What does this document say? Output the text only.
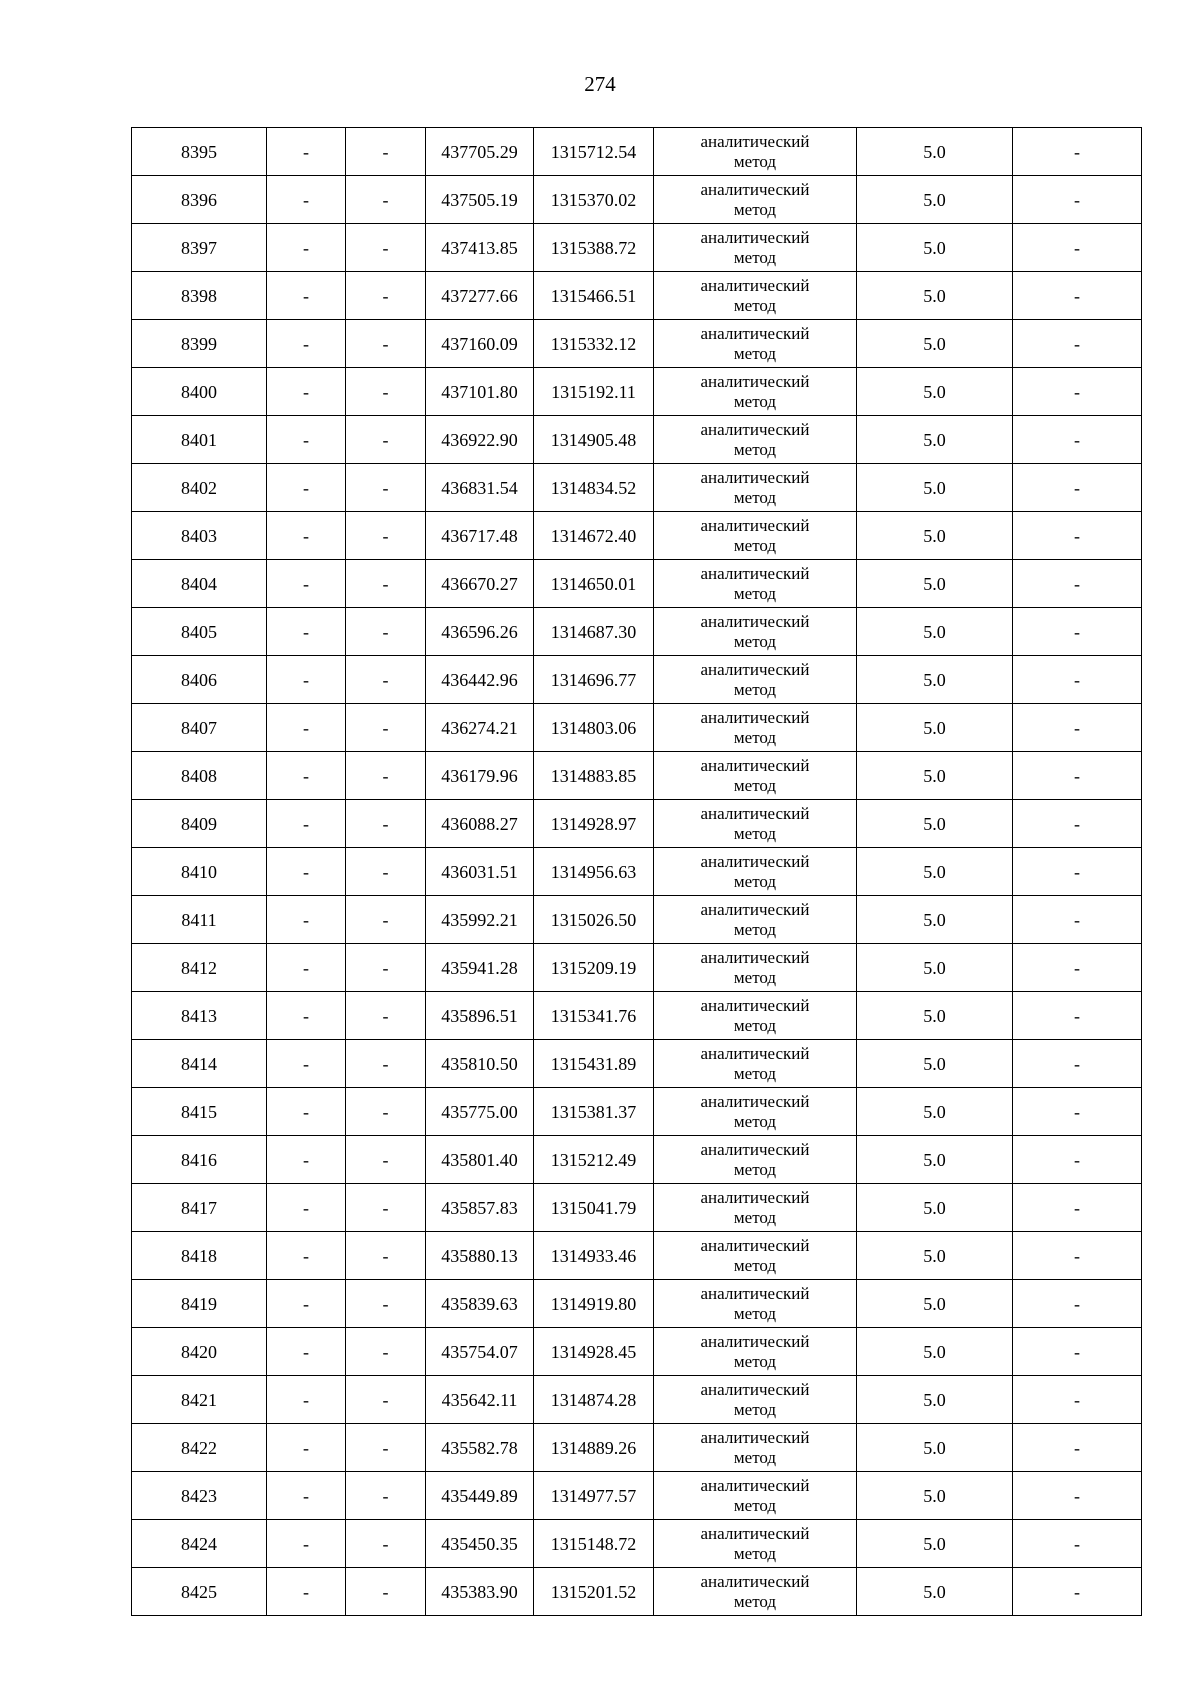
274
8395	-	-	437705.29	1315712.54	аналитический метод	5.0	-
8396	-	-	437505.19	1315370.02	аналитический метод	5.0	-
8397	-	-	437413.85	1315388.72	аналитический метод	5.0	-
8398	-	-	437277.66	1315466.51	аналитический метод	5.0	-
8399	-	-	437160.09	1315332.12	аналитический метод	5.0	-
8400	-	-	437101.80	1315192.11	аналитический метод	5.0	-
8401	-	-	436922.90	1314905.48	аналитический метод	5.0	-
8402	-	-	436831.54	1314834.52	аналитический метод	5.0	-
8403	-	-	436717.48	1314672.40	аналитический метод	5.0	-
8404	-	-	436670.27	1314650.01	аналитический метод	5.0	-
8405	-	-	436596.26	1314687.30	аналитический метод	5.0	-
8406	-	-	436442.96	1314696.77	аналитический метод	5.0	-
8407	-	-	436274.21	1314803.06	аналитический метод	5.0	-
8408	-	-	436179.96	1314883.85	аналитический метод	5.0	-
8409	-	-	436088.27	1314928.97	аналитический метод	5.0	-
8410	-	-	436031.51	1314956.63	аналитический метод	5.0	-
8411	-	-	435992.21	1315026.50	аналитический метод	5.0	-
8412	-	-	435941.28	1315209.19	аналитический метод	5.0	-
8413	-	-	435896.51	1315341.76	аналитический метод	5.0	-
8414	-	-	435810.50	1315431.89	аналитический метод	5.0	-
8415	-	-	435775.00	1315381.37	аналитический метод	5.0	-
8416	-	-	435801.40	1315212.49	аналитический метод	5.0	-
8417	-	-	435857.83	1315041.79	аналитический метод	5.0	-
8418	-	-	435880.13	1314933.46	аналитический метод	5.0	-
8419	-	-	435839.63	1314919.80	аналитический метод	5.0	-
8420	-	-	435754.07	1314928.45	аналитический метод	5.0	-
8421	-	-	435642.11	1314874.28	аналитический метод	5.0	-
8422	-	-	435582.78	1314889.26	аналитический метод	5.0	-
8423	-	-	435449.89	1314977.57	аналитический метод	5.0	-
8424	-	-	435450.35	1315148.72	аналитический метод	5.0	-
8425	-	-	435383.90	1315201.52	аналитический метод	5.0	-
